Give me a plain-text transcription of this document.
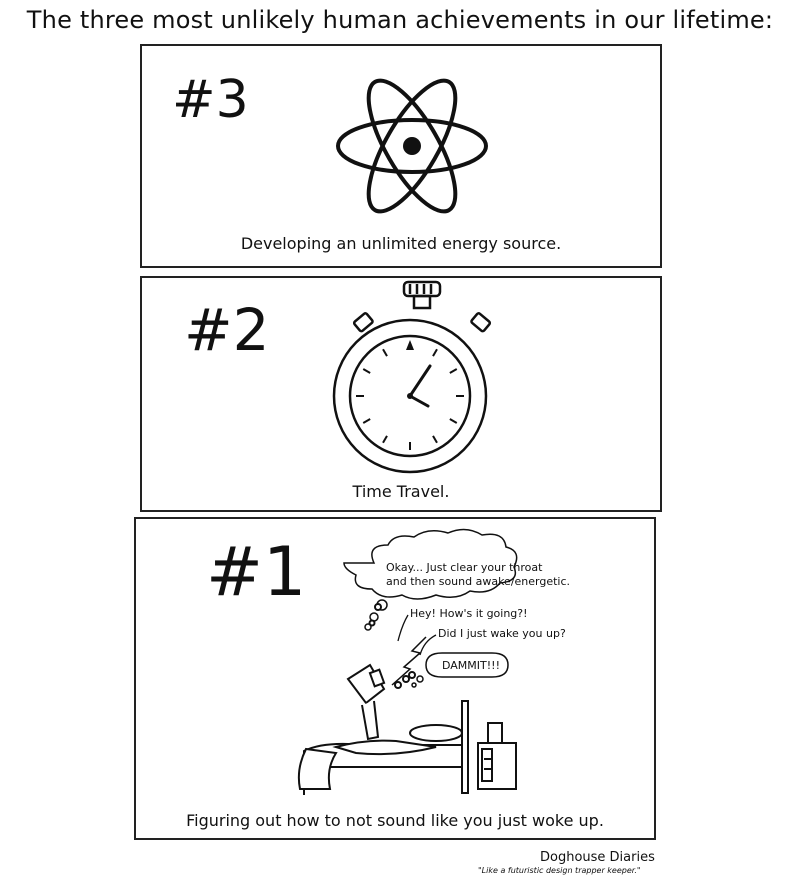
The three most unlikely human achievements in our lifetime:
#3
Developing an unlimited energy source.
#2
Time Travel.
#1	Okay... Just clear your throat
and then sound awake/energetic.
Hey! How's it going?!
Did I just wake you up?
DAMMIT!!!
Figuring out how to not sound like you just woke up.
Doghouse Diaries
"Like a futuristic design trapper keeper."
